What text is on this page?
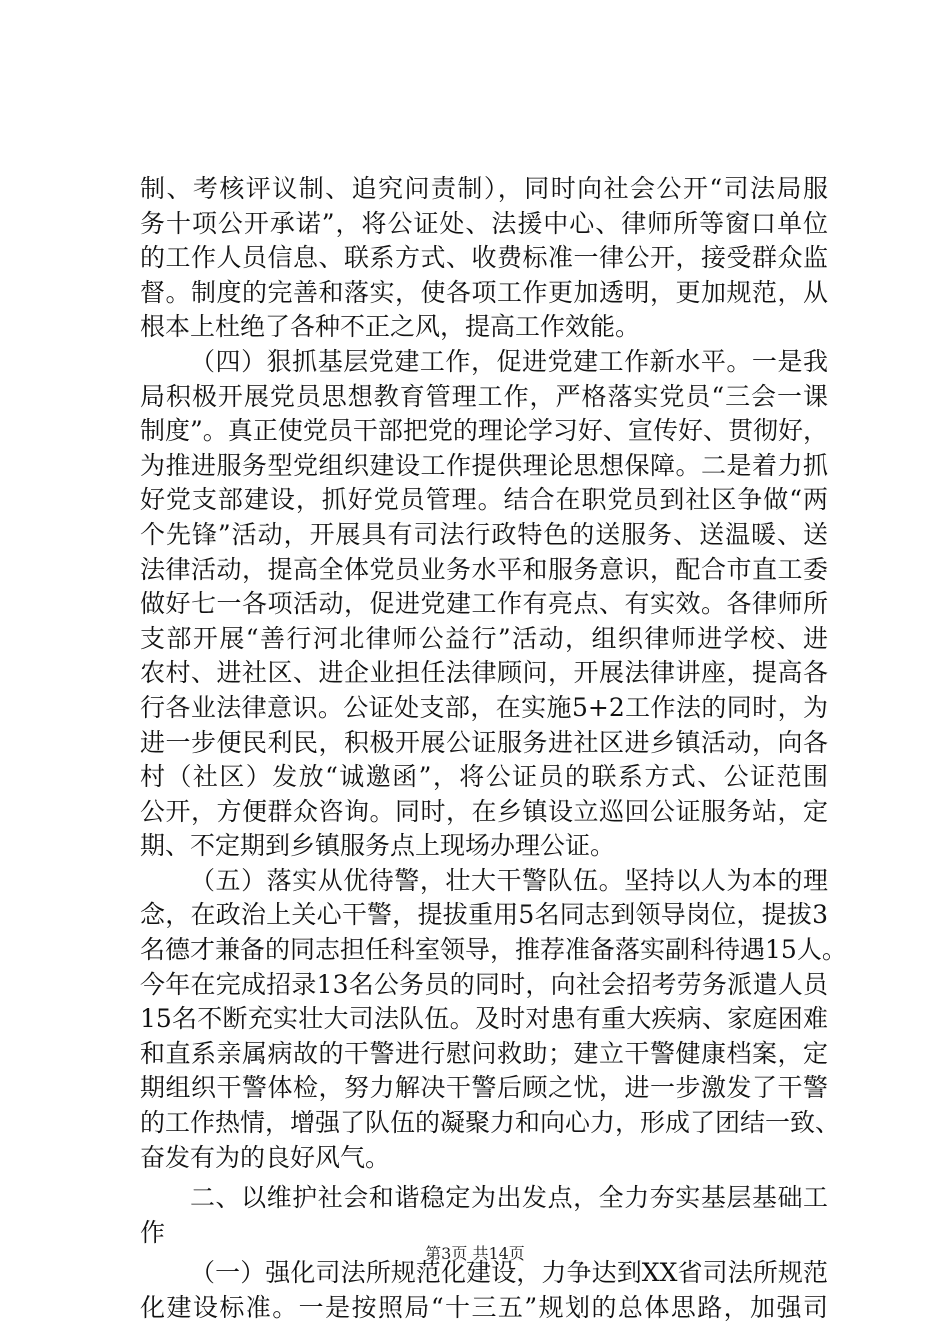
制、考核评议制、追究问责制），同时向社会公开“司法局服
务十项公开承诺”，将公证处、法援中心、律师所等窗口单位
的工作人员信息、联系方式、收费标准一律公开，接受群众监
督。制度的完善和落实，使各项工作更加透明，更加规范，从
根本上杜绝了各种不正之风，提高工作效能。
（四）狠抓基层党建工作，促进党建工作新水平。一是我
局积极开展党员思想教育管理工作，严格落实党员“三会一课
制度”。真正使党员干部把党的理论学习好、宣传好、贯彻好，
为推进服务型党组织建设工作提供理论思想保障。二是着力抓
好党支部建设，抓好党员管理。结合在职党员到社区争做“两
个先锋”活动，开展具有司法行政特色的送服务、送温暖、送
法律活动，提高全体党员业务水平和服务意识，配合市直工委
做好七一各项活动，促进党建工作有亮点、有实效。各律师所
支部开展“善行河北律师公益行”活动，组织律师进学校、进
农村、进社区、进企业担任法律顾问，开展法律讲座，提高各
行各业法律意识。公证处支部，在实施5+2工作法的同时，为
进一步便民利民，积极开展公证服务进社区进乡镇活动，向各
村（社区）发放“诚邀函”，将公证员的联系方式、公证范围
公开，方便群众咨询。同时，在乡镇设立巡回公证服务站，定
期、不定期到乡镇服务点上现场办理公证。
（五）落实从优待警，壮大干警队伍。坚持以人为本的理
念，在政治上关心干警，提拔重用5名同志到领导岗位，提拔3
名德才兼备的同志担任科室领导，推荐准备落实副科待遇15人。
今年在完成招录13名公务员的同时，向社会招考劳务派遣人员
15名不断充实壮大司法队伍。及时对患有重大疾病、家庭困难
和直系亲属病故的干警进行慰问救助；建立干警健康档案，定
期组织干警体检，努力解决干警后顾之忧，进一步激发了干警
的工作热情，增强了队伍的凝聚力和向心力，形成了团结一致、
奋发有为的良好风气。
二、以维护社会和谐稳定为出发点，全力夯实基层基础工
作
（一）强化司法所规范化建设，力争达到XX省司法所规范
化建设标准。一是按照局“十三五”规划的总体思路，加强司
第3页 共14页
